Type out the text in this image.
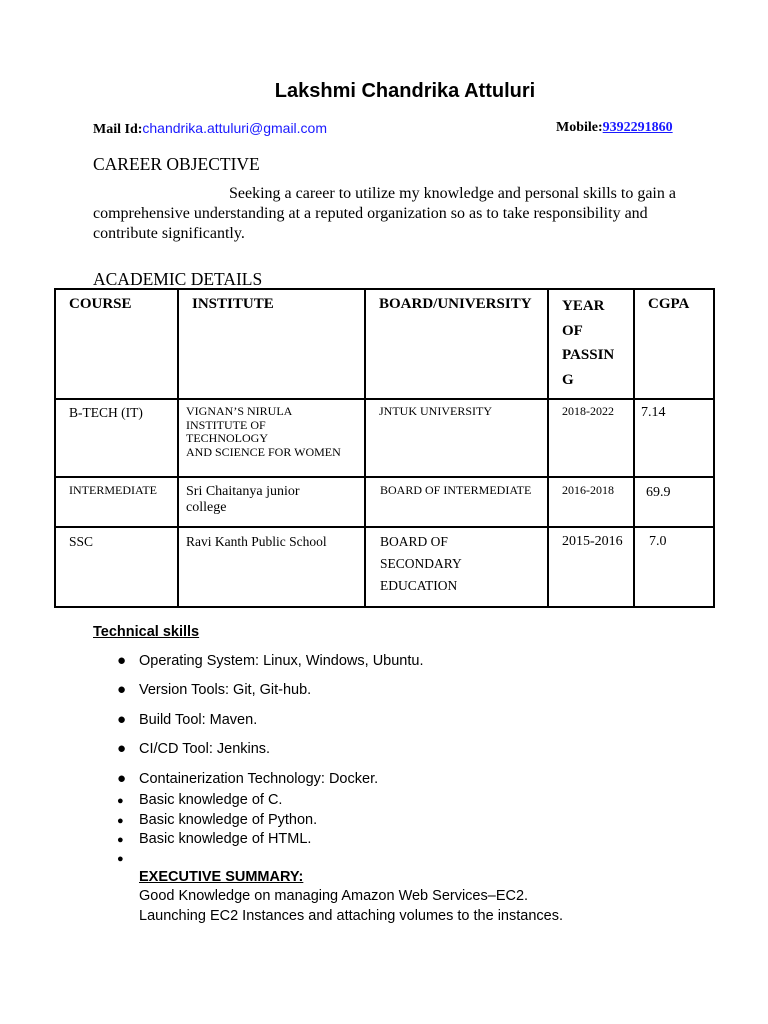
Lakshmi Chandrika Attuluri
Mail Id:chandrika.attuluri@gmail.com	Mobile:9392291860
CAREER OBJECTIVE
Seeking a career to utilize my knowledge and personal skills to gain a comprehensive understanding at a reputed organization so as to take responsibility and contribute significantly.
ACADEMIC DETAILS
COURSE	INSTITUTE	BOARD/UNIVERSITY	YEAR
OF
PASSIN
G	CGPA

B-TECH (IT)	VIGNAN’S NIRULA
INSTITUTE OF
TECHNOLOGY
AND SCIENCE FOR WOMEN	JNTUK UNIVERSITY	2018-2022	7.14

INTERMEDIATE	Sri Chaitanya junior
college	BOARD OF INTERMEDIATE	2016-2018	69.9

SSC	Ravi Kanth Public School	BOARD OF
SECONDARY
EDUCATION	2015-2016	7.0
Technical skills
● Operating System: Linux, Windows, Ubuntu.
● Version Tools: Git, Git-hub.
● Build Tool: Maven.
● CI/CD Tool: Jenkins.
● Containerization Technology: Docker.
● Basic knowledge of C.
● Basic knowledge of Python.
● Basic knowledge of HTML.
●
EXECUTIVE SUMMARY:
Good Knowledge on managing Amazon Web Services–EC2.
Launching EC2 Instances and attaching volumes to the instances.
